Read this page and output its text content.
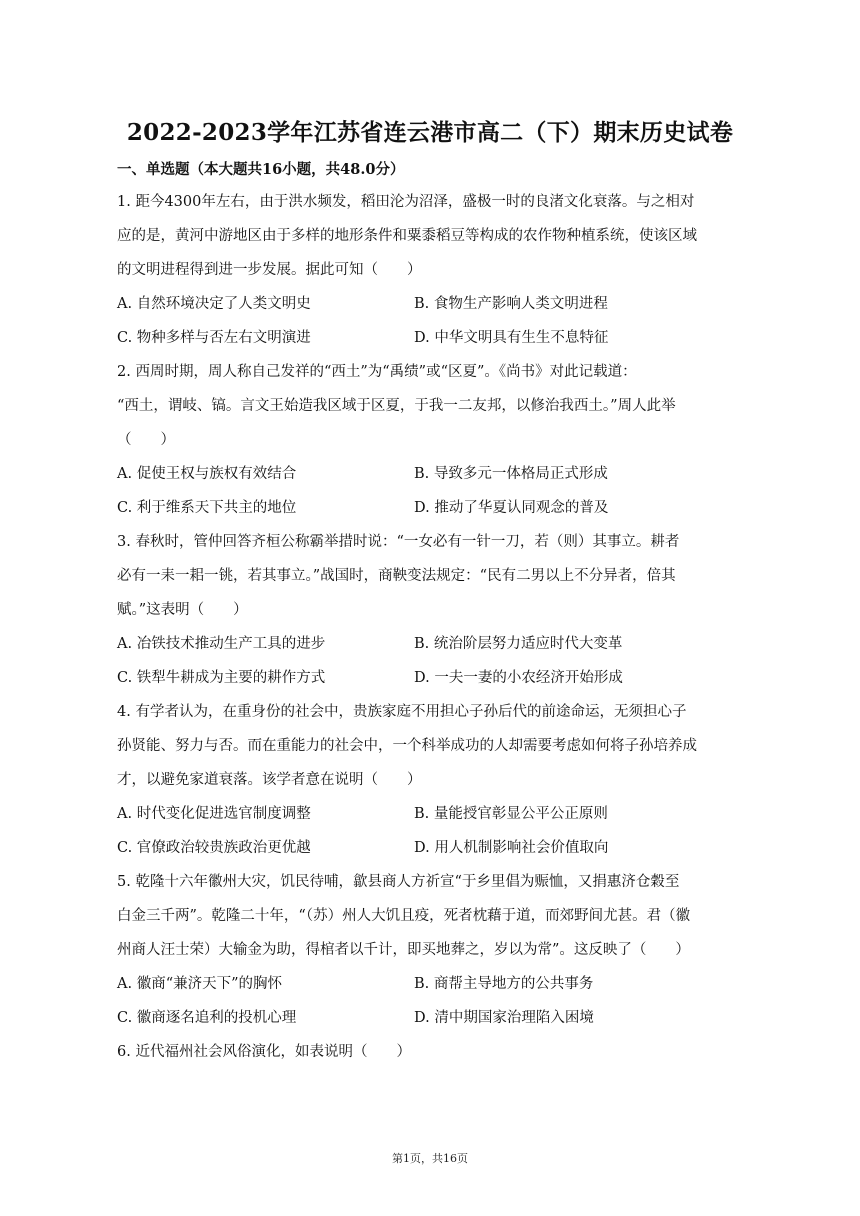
2022-2023学年江苏省连云港市高二（下）期末历史试卷
一、单选题（本大题共16小题，共48.0分）
1. 距今4300年左右，由于洪水频发，稻田沦为沼泽，盛极一时的良渚文化衰落。与之相对
应的是，黄河中游地区由于多样的地形条件和粟黍稻豆等构成的农作物种植系统，使该区域
的文明进程得到进一步发展。据此可知（　　）
A. 自然环境决定了人类文明史	B. 食物生产影响人类文明进程
C. 物种多样与否左右文明演进	D. 中华文明具有生生不息特征
2. 西周时期，周人称自己发祥的“西土”为“禹绩”或“区夏”。《尚书》对此记载道：
“西土，谓岐、镐。言文王始造我区域于区夏，于我一二友邦，以修治我西土。”周人此举
（　　）
A. 促使王权与族权有效结合	B. 导致多元一体格局正式形成
C. 利于维系天下共主的地位	D. 推动了华夏认同观念的普及
3. 春秋时，管仲回答齐桓公称霸举措时说：“一女必有一针一刀，若（则）其事立。耕者
必有一耒一耜一铫，若其事立。”战国时，商鞅变法规定：“民有二男以上不分异者，倍其
赋。”这表明（　　）
A. 冶铁技术推动生产工具的进步	B. 统治阶层努力适应时代大变革
C. 铁犁牛耕成为主要的耕作方式	D. 一夫一妻的小农经济开始形成
4. 有学者认为，在重身份的社会中，贵族家庭不用担心子孙后代的前途命运，无须担心子
孙贤能、努力与否。而在重能力的社会中，一个科举成功的人却需要考虑如何将子孙培养成
才，以避免家道衰落。该学者意在说明（　　）
A. 时代变化促进选官制度调整	B. 量能授官彰显公平公正原则
C. 官僚政治较贵族政治更优越	D. 用人机制影响社会价值取向
5. 乾隆十六年徽州大灾，饥民待哺，歙县商人方祈宣“于乡里倡为赈恤，又捐惠济仓穀至
白金三千两”。乾隆二十年，“（苏）州人大饥且疫，死者枕藉于道，而郊野间尤甚。君（徽
州商人汪士荣）大输金为助，得棺者以千计，即买地葬之，岁以为常”。这反映了（　　）
A. 徽商“兼济天下”的胸怀	B. 商帮主导地方的公共事务
C. 徽商逐名追利的投机心理	D. 清中期国家治理陷入困境
6. 近代福州社会风俗演化，如表说明（　　）
第1页，共16页
